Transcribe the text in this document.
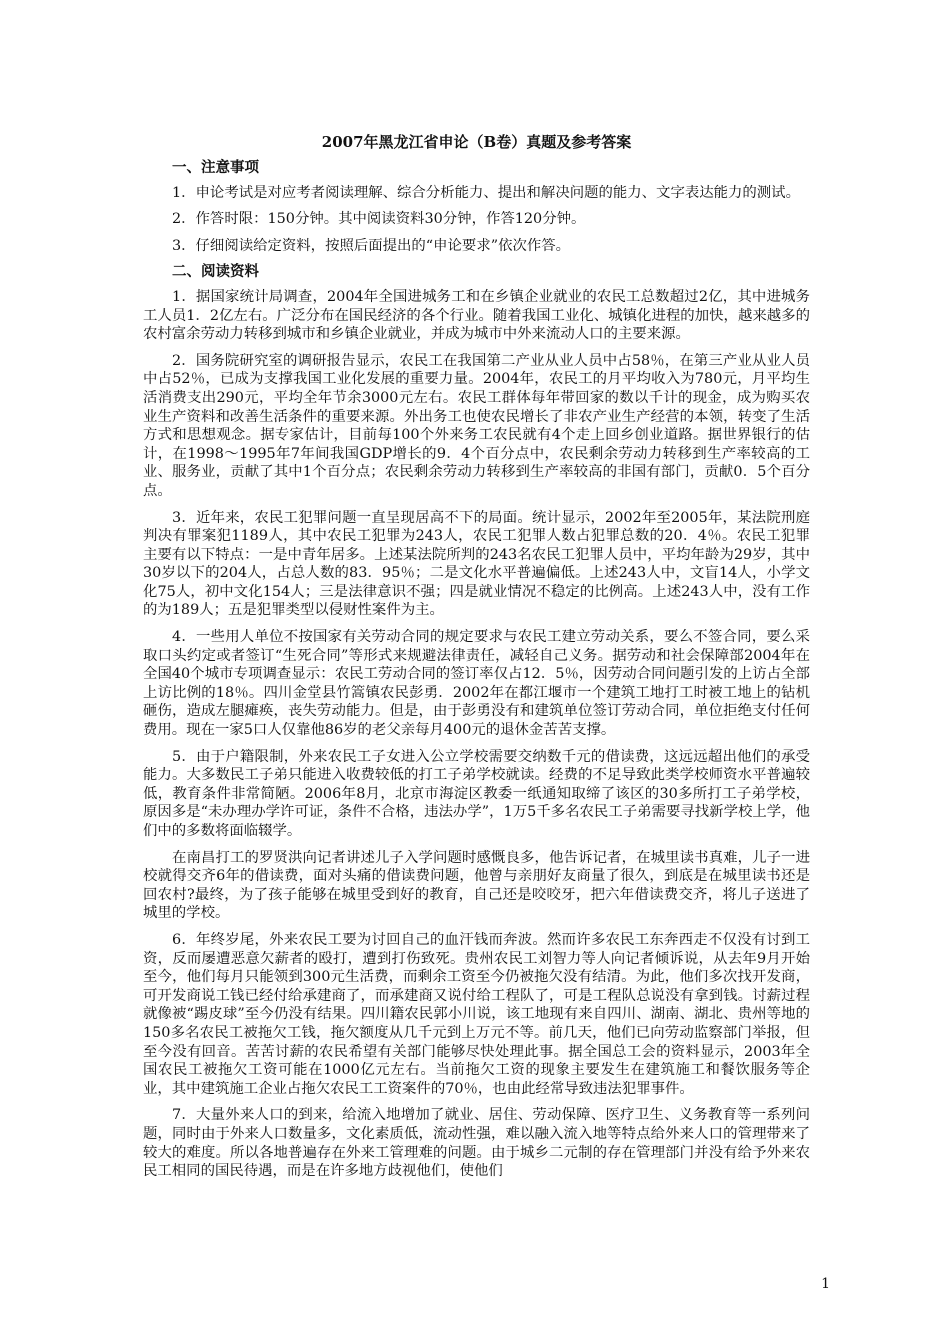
2007年黑龙江省申论（B卷）真题及参考答案
一、注意事项

1．申论考试是对应考者阅读理解、综合分析能力、提出和解决问题的能力、文字表达能力的测试。

2．作答时限：150分钟。其中阅读资料30分钟，作答120分钟。

3．仔细阅读给定资料，按照后面提出的“申论要求”依次作答。

二、阅读资料

1．据国家统计局调查，2004年全国进城务工和在乡镇企业就业的农民工总数超过2亿，其中进城务工人员1．2亿左右。广泛分布在国民经济的各个行业。随着我国工业化、城镇化进程的加快，越来越多的农村富余劳动力转移到城市和乡镇企业就业，并成为城市中外来流动人口的主要来源。

2．国务院研究室的调研报告显示，农民工在我国第二产业从业人员中占58％，在第三产业从业人员中占52％，已成为支撑我国工业化发展的重要力量。2004年，农民工的月平均收入为780元，月平均生活消费支出290元，平均全年节余3000元左右。农民工群体每年带回家的数以千计的现金，成为购买农业生产资料和改善生活条件的重要来源。外出务工也使农民增长了非农产业生产经营的本领，转变了生活方式和思想观念。据专家估计，目前每100个外来务工农民就有4个走上回乡创业道路。据世界银行的估计，在1998～1995年7年间我国GDP增长的9．4个百分点中，农民剩余劳动力转移到生产率较高的工业、服务业，贡献了其中1个百分点；农民剩余劳动力转移到生产率较高的非国有部门，贡献0．5个百分点。

3．近年来，农民工犯罪问题一直呈现居高不下的局面。统计显示，2002年至2005年，某法院刑庭判决有罪案犯1189人，其中农民工犯罪为243人，农民工犯罪人数占犯罪总数的20．4％。农民工犯罪主要有以下特点：一是中青年居多。上述某法院所判的243名农民工犯罪人员中，平均年龄为29岁，其中30岁以下的204人，占总人数的83．95％；二是文化水平普遍偏低。上述243人中，文盲14人，小学文化75人，初中文化154人；三是法律意识不强；四是就业情况不稳定的比例高。上述243人中，没有工作的为189人；五是犯罪类型以侵财性案件为主。

4．一些用人单位不按国家有关劳动合同的规定要求与农民工建立劳动关系，要么不签合同，要么采取口头约定或者签订“生死合同”等形式来规避法律责任，减轻自己义务。据劳动和社会保障部2004年在全国40个城市专项调查显示：农民工劳动合同的签订率仅占12．5％，因劳动合同问题引发的上访占全部上访比例的18％。四川金堂县竹篙镇农民彭勇．2002年在都江堰市一个建筑工地打工时被工地上的钻机砸伤，造成左腿瘫痪，丧失劳动能力。但是，由于彭勇没有和建筑单位签订劳动合同，单位拒绝支付任何费用。现在一家5口人仅靠他86岁的老父亲每月400元的退休金苦苦支撑。

5．由于户籍限制，外来农民工子女进入公立学校需要交纳数千元的借读费，这远远超出他们的承受能力。大多数民工子弟只能进入收费较低的打工子弟学校就读。经费的不足导致此类学校师资水平普遍较低，教育条件非常简陋。2006年8月，北京市海淀区教委一纸通知取缔了该区的30多所打工子弟学校，原因多是“未办理办学许可证，条件不合格，违法办学”，1万5千多名农民工子弟需要寻找新学校上学，他们中的多数将面临辍学。

在南昌打工的罗贤洪向记者讲述儿子入学问题时感慨良多，他告诉记者，在城里读书真难，儿子一进校就得交齐6年的借读费，面对头痛的借读费问题，他曾与亲朋好友商量了很久，到底是在城里读书还是回农村?最终，为了孩子能够在城里受到好的教育，自己还是咬咬牙，把六年借读费交齐，将儿子送进了城里的学校。

6．年终岁尾，外来农民工要为讨回自己的血汗钱而奔波。然而许多农民工东奔西走不仅没有讨到工资，反而屡遭恶意欠薪者的殴打，遭到打伤致死。贵州农民工刘智力等人向记者倾诉说，从去年9月开始至今，他们每月只能领到300元生活费，而剩余工资至今仍被拖欠没有结清。为此，他们多次找开发商，可开发商说工钱已经付给承建商了，而承建商又说付给工程队了，可是工程队总说没有拿到钱。讨薪过程就像被“踢皮球”至今仍没有结果。四川籍农民郭小川说，该工地现有来自四川、湖南、湖北、贵州等地的150多名农民工被拖欠工钱，拖欠额度从几千元到上万元不等。前几天，他们已向劳动监察部门举报，但至今没有回音。苦苦讨薪的农民希望有关部门能够尽快处理此事。据全国总工会的资料显示，2003年全国农民工被拖欠工资可能在1000亿元左右。当前拖欠工资的现象主要发生在建筑施工和餐饮服务等企业，其中建筑施工企业占拖欠农民工工资案件的70％，也由此经常导致违法犯罪事件。

7．大量外来人口的到来，给流入地增加了就业、居住、劳动保障、医疗卫生、义务教育等一系列问题，同时由于外来人口数量多，文化素质低，流动性强，难以融入流入地等特点给外来人口的管理带来了较大的难度。所以各地普遍存在外来工管理难的问题。由于城乡二元制的存在管理部门并没有给予外来农民工相同的国民待遇，而是在许多地方歧视他们，使他们

1
